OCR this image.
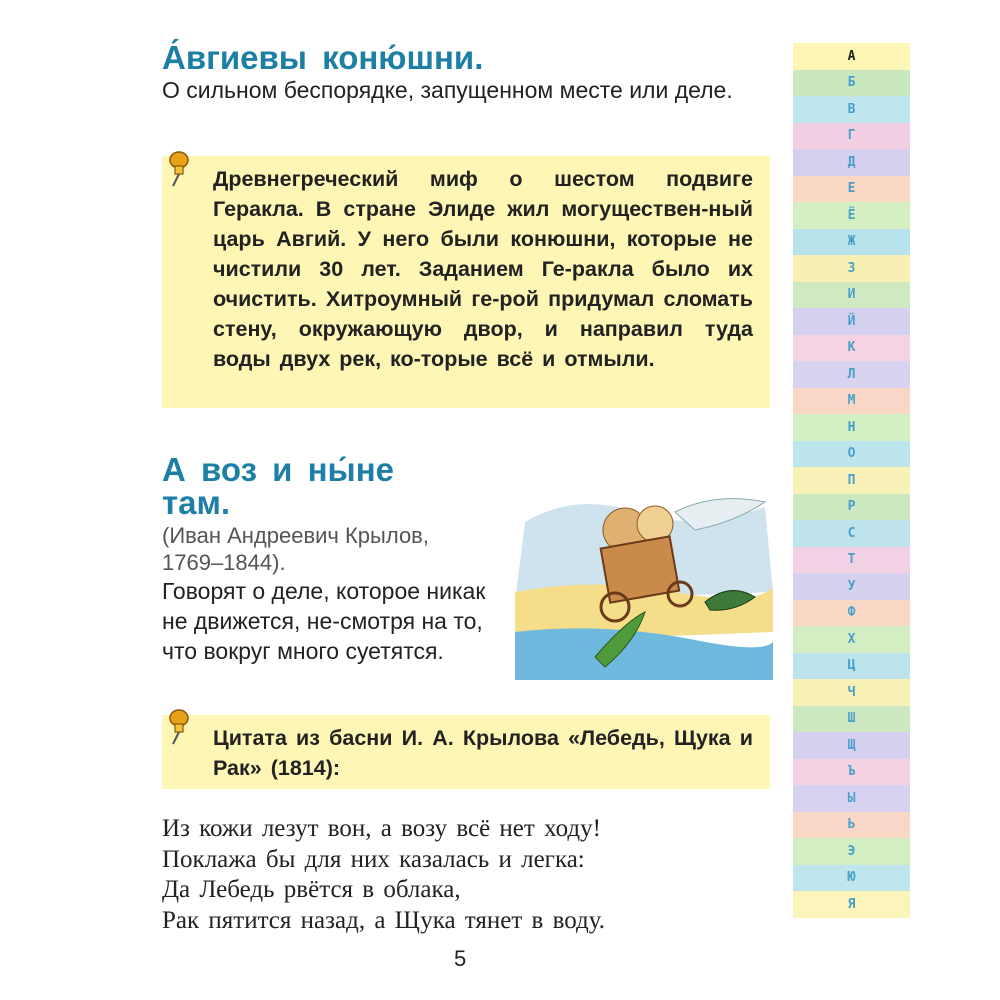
А́вгиевы коню́шни.

О сильном беспорядке, запущенном месте или деле.

Древнегреческий миф о шестом подвиге Геракла. В стране Элиде жил могуществен-ный царь Авгий. У него были конюшни, которые не чистили 30 лет. Заданием Ге-ракла было их очистить. Хитроумный ге-рой придумал сломать стену, окружающую двор, и направил туда воды двух рек, ко-торые всё и отмыли.

А воз и ны́не
там.

(Иван Андреевич Крылов,

1769–1844).

Говорят о деле, которое никак не движется, не-смотря на то, что вокруг много суетятся.

Цитата из басни И. А. Крылова «Лебедь, Щука и Рак» (1814):

Из кожи лезут вон, а возу всё нет ходу!
Поклажа бы для них казалась и легка:
Да Лебедь рвётся в облака,
Рак пятится назад, а Щука тянет в воду.
5
А
Б
В
Г
Д
Е
Ё
Ж
З
И
Й
К
Л
М
Н
О
П
Р
С
Т
У
Ф
Х
Ц
Ч
Ш
Щ
Ъ
Ы
Ь
Э
Ю
Я
